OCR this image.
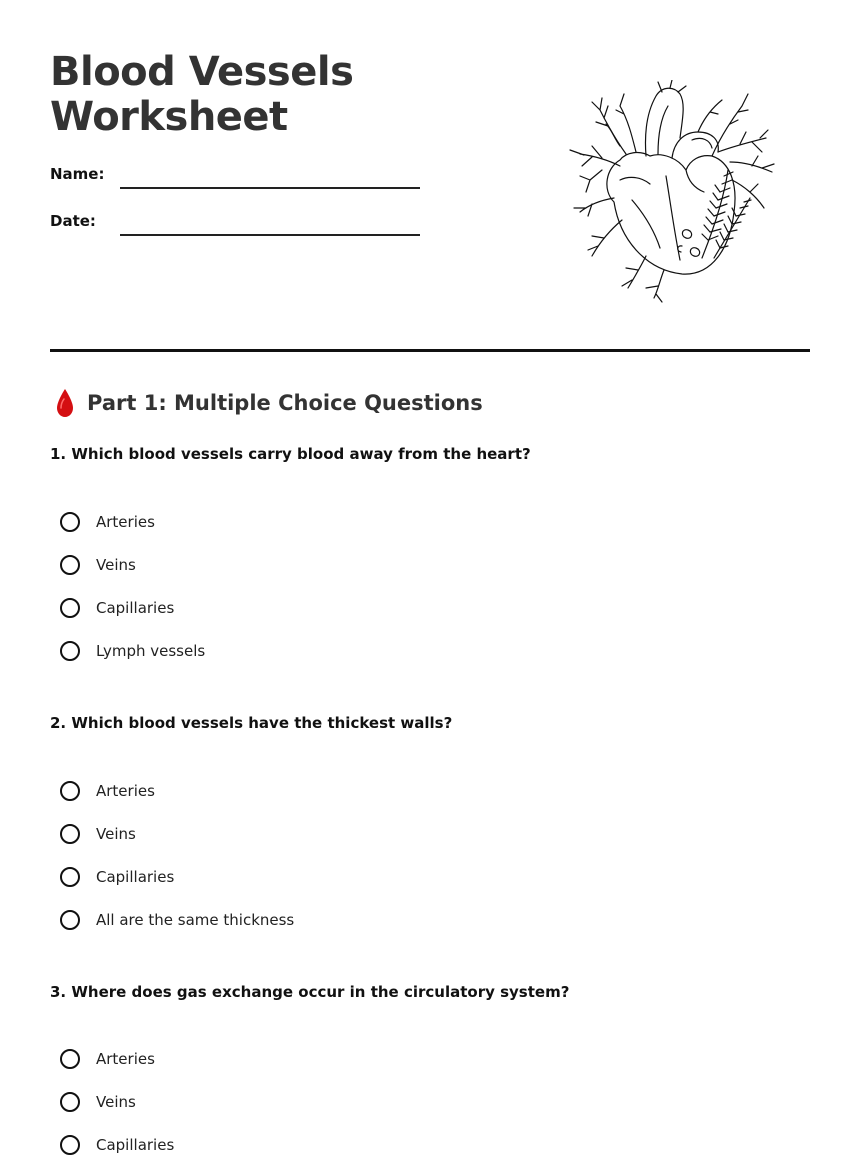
Blood Vessels
Worksheet
Name:
Date:
Part 1: Multiple Choice Questions
1. Which blood vessels carry blood away from the heart?
Arteries
Veins
Capillaries
Lymph vessels
2. Which blood vessels have the thickest walls?
Arteries
Veins
Capillaries
All are the same thickness
3. Where does gas exchange occur in the circulatory system?
Arteries
Veins
Capillaries
